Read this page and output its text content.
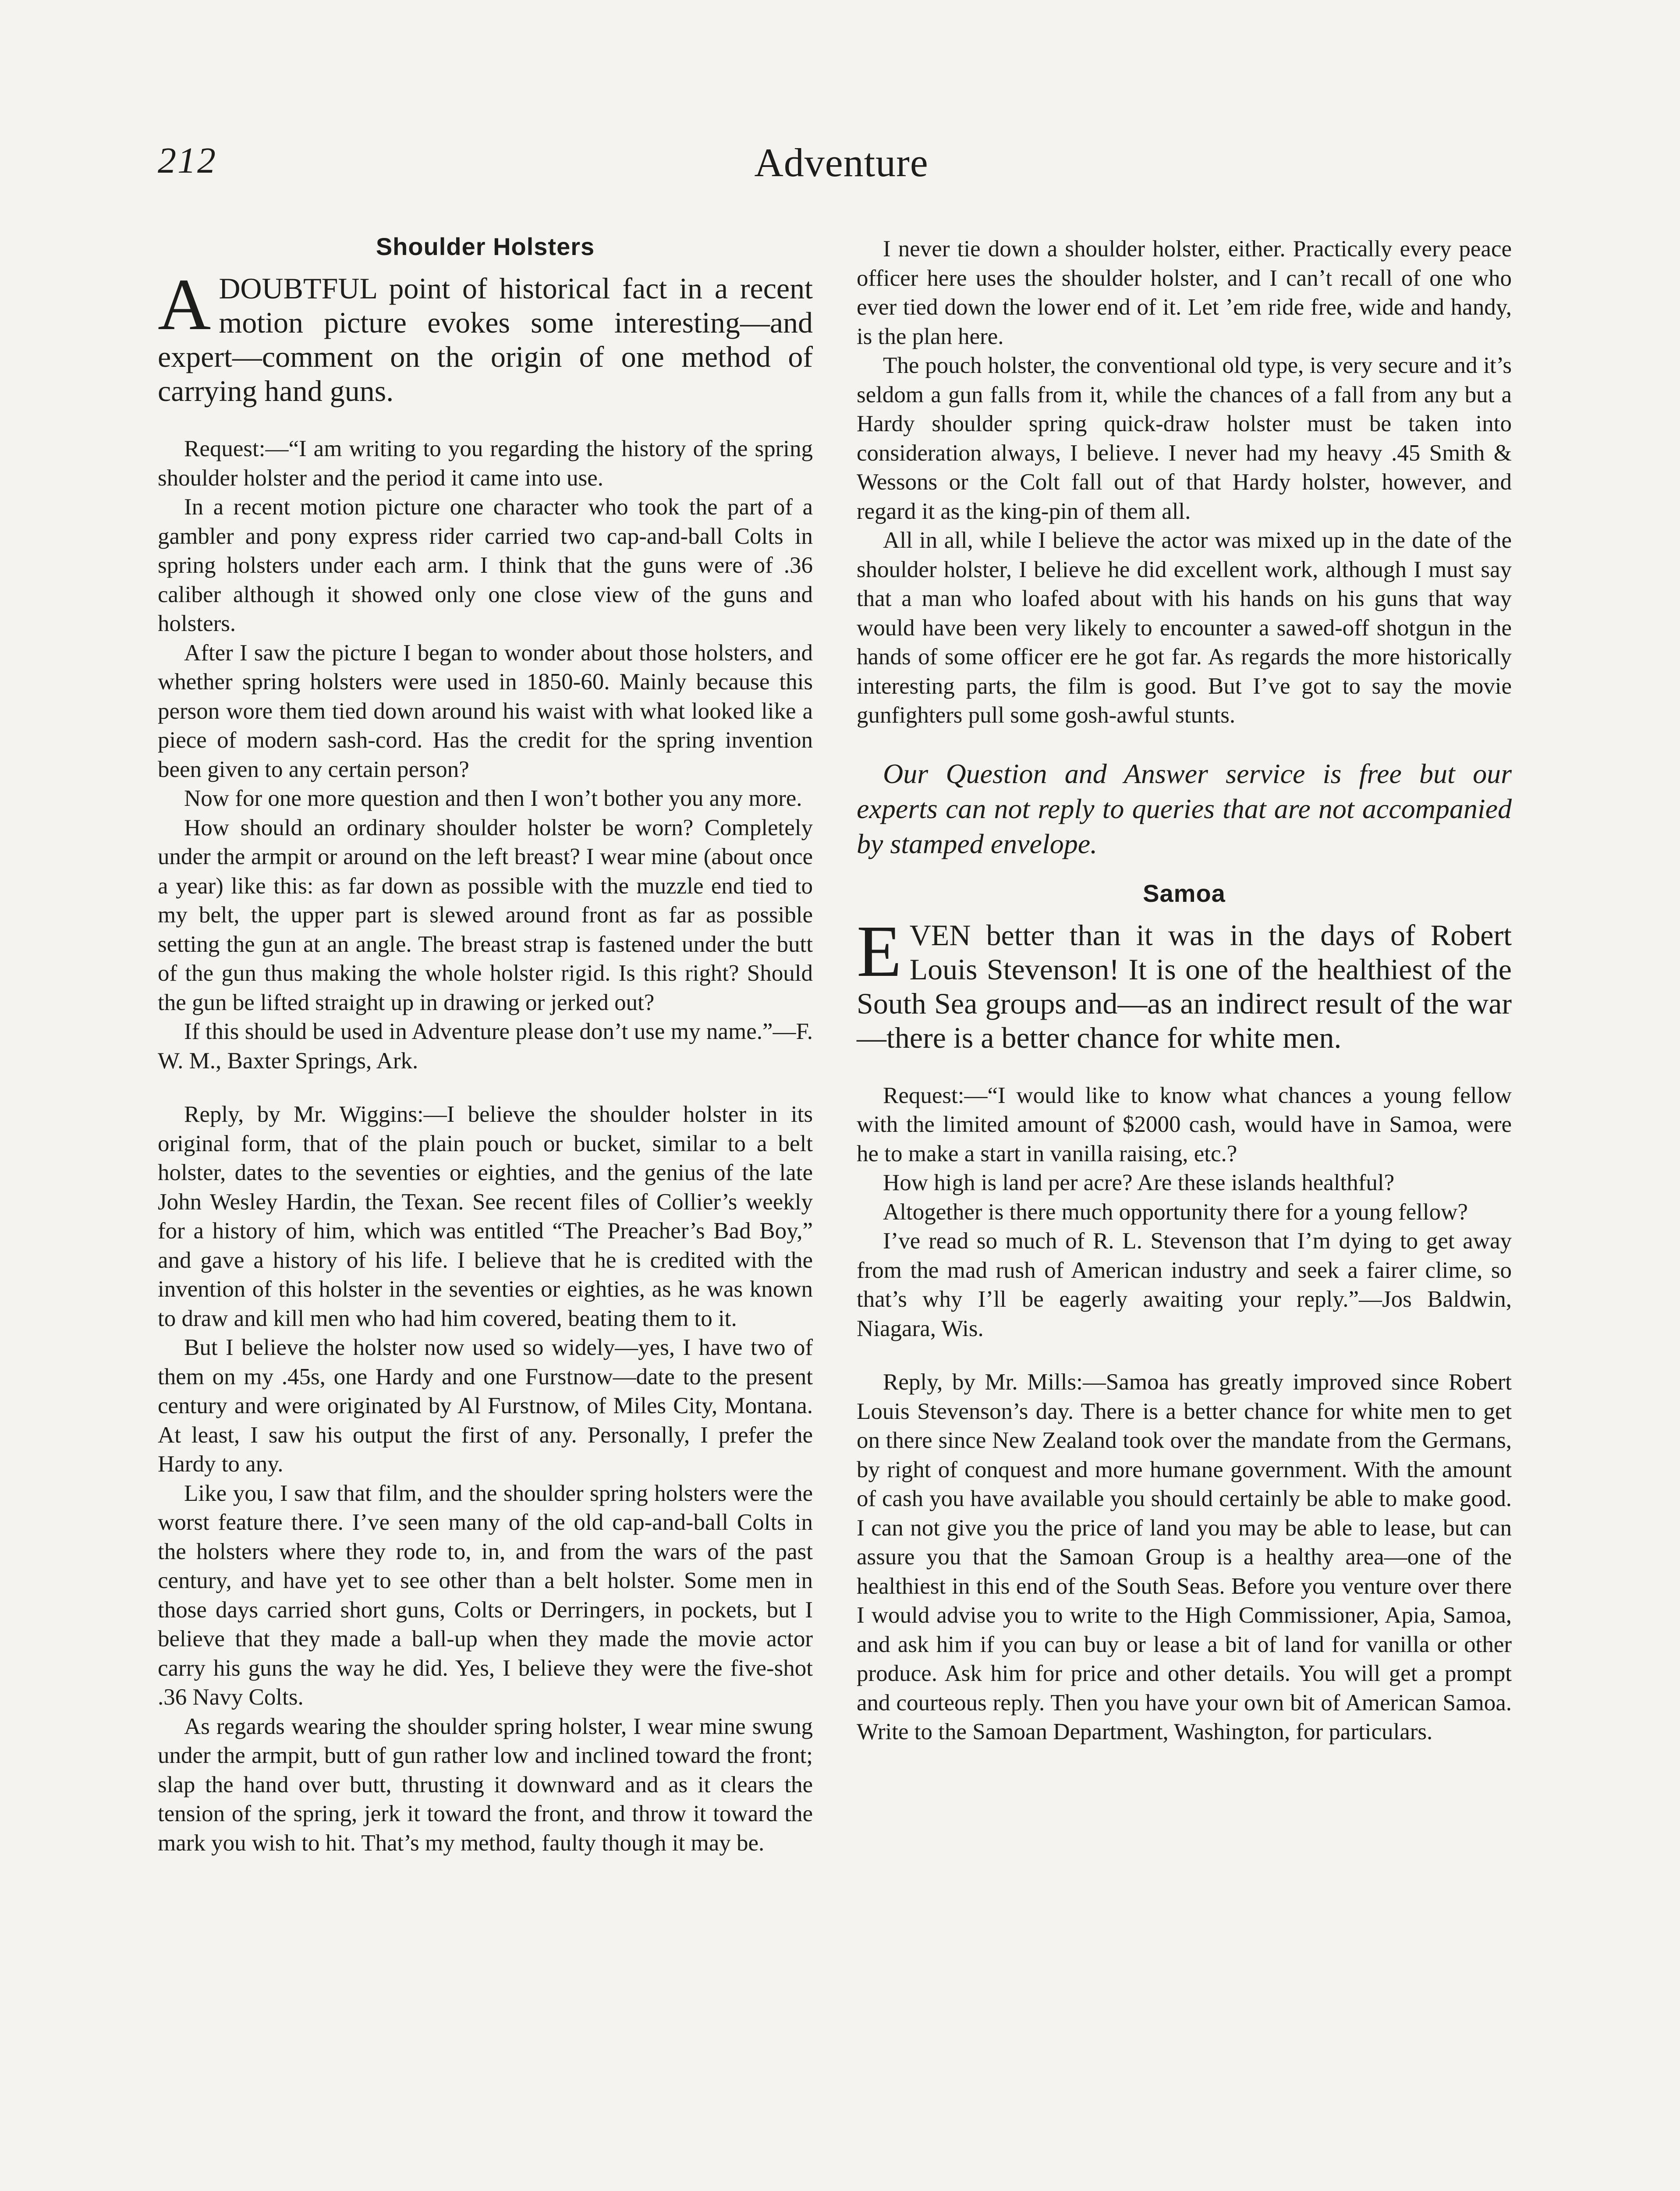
212	Adventure
Shoulder Holsters

ADOUBTFUL point of historical fact in a recent motion picture evokes some interesting—and expert—comment on the origin of one method of carrying hand guns.

Request:—“I am writing to you regarding the history of the spring shoulder holster and the period it came into use.

In a recent motion picture one character who took the part of a gambler and pony express rider carried two cap-and-ball Colts in spring holsters under each arm. I think that the guns were of .36 caliber although it showed only one close view of the guns and holsters.

After I saw the picture I began to wonder about those holsters, and whether spring holsters were used in 1850-60. Mainly because this person wore them tied down around his waist with what looked like a piece of modern sash-cord. Has the credit for the spring invention been given to any certain person?

Now for one more question and then I won’t bother you any more.

How should an ordinary shoulder holster be worn? Completely under the armpit or around on the left breast? I wear mine (about once a year) like this: as far down as possible with the muzzle end tied to my belt, the upper part is slewed around front as far as possible setting the gun at an angle. The breast strap is fastened under the butt of the gun thus making the whole holster rigid. Is this right? Should the gun be lifted straight up in drawing or jerked out?

If this should be used in Adventure please don’t use my name.”—F. W. M., Baxter Springs, Ark.

Reply, by Mr. Wiggins:—I believe the shoulder holster in its original form, that of the plain pouch or bucket, similar to a belt holster, dates to the seventies or eighties, and the genius of the late John Wesley Hardin, the Texan. See recent files of Collier’s weekly for a history of him, which was entitled “The Preacher’s Bad Boy,” and gave a history of his life. I believe that he is credited with the invention of this holster in the seventies or eighties, as he was known to draw and kill men who had him covered, beating them to it.

But I believe the holster now used so widely—yes, I have two of them on my .45s, one Hardy and one Furstnow—date to the present century and were originated by Al Furstnow, of Miles City, Montana. At least, I saw his output the first of any. Personally, I prefer the Hardy to any.

Like you, I saw that film, and the shoulder spring holsters were the worst feature there. I’ve seen many of the old cap-and-ball Colts in the holsters where they rode to, in, and from the wars of the past century, and have yet to see other than a belt holster. Some men in those days carried short guns, Colts or Derringers, in pockets, but I believe that they made a ball-up when they made the movie actor carry his guns the way he did. Yes, I believe they were the five-shot .36 Navy Colts.

As regards wearing the shoulder spring holster, I wear mine swung under the armpit, butt of gun rather low and inclined toward the front; slap the hand over butt, thrusting it downward and as it clears the tension of the spring, jerk it toward the front, and throw it toward the mark you wish to hit. That’s my method, faulty though it may be.

I never tie down a shoulder holster, either. Practically every peace officer here uses the shoulder holster, and I can’t recall of one who ever tied down the lower end of it. Let ’em ride free, wide and handy, is the plan here.

The pouch holster, the conventional old type, is very secure and it’s seldom a gun falls from it, while the chances of a fall from any but a Hardy shoulder spring quick-draw holster must be taken into consideration always, I believe. I never had my heavy .45 Smith & Wessons or the Colt fall out of that Hardy holster, however, and regard it as the king-pin of them all.

All in all, while I believe the actor was mixed up in the date of the shoulder holster, I believe he did excellent work, although I must say that a man who loafed about with his hands on his guns that way would have been very likely to encounter a sawed-off shotgun in the hands of some officer ere he got far. As regards the more historically interesting parts, the film is good. But I’ve got to say the movie gunfighters pull some gosh-awful stunts.

Our Question and Answer service is free but our experts can not reply to queries that are not accompanied by stamped envelope.

Samoa

EVEN better than it was in the days of Robert Louis Stevenson! It is one of the healthiest of the South Sea groups and—as an indirect result of the war—there is a better chance for white men.

Request:—“I would like to know what chances a young fellow with the limited amount of $2000 cash, would have in Samoa, were he to make a start in vanilla raising, etc.?

How high is land per acre? Are these islands healthful?

Altogether is there much opportunity there for a young fellow?

I’ve read so much of R. L. Stevenson that I’m dying to get away from the mad rush of American industry and seek a fairer clime, so that’s why I’ll be eagerly awaiting your reply.”—Jos Baldwin, Niagara, Wis.

Reply, by Mr. Mills:—Samoa has greatly improved since Robert Louis Stevenson’s day. There is a better chance for white men to get on there since New Zealand took over the mandate from the Germans, by right of conquest and more humane government. With the amount of cash you have available you should certainly be able to make good. I can not give you the price of land you may be able to lease, but can assure you that the Samoan Group is a healthy area—one of the healthiest in this end of the South Seas. Before you venture over there I would advise you to write to the High Commissioner, Apia, Samoa, and ask him if you can buy or lease a bit of land for vanilla or other produce. Ask him for price and other details. You will get a prompt and courteous reply. Then you have your own bit of American Samoa. Write to the Samoan Department, Washington, for particulars.
